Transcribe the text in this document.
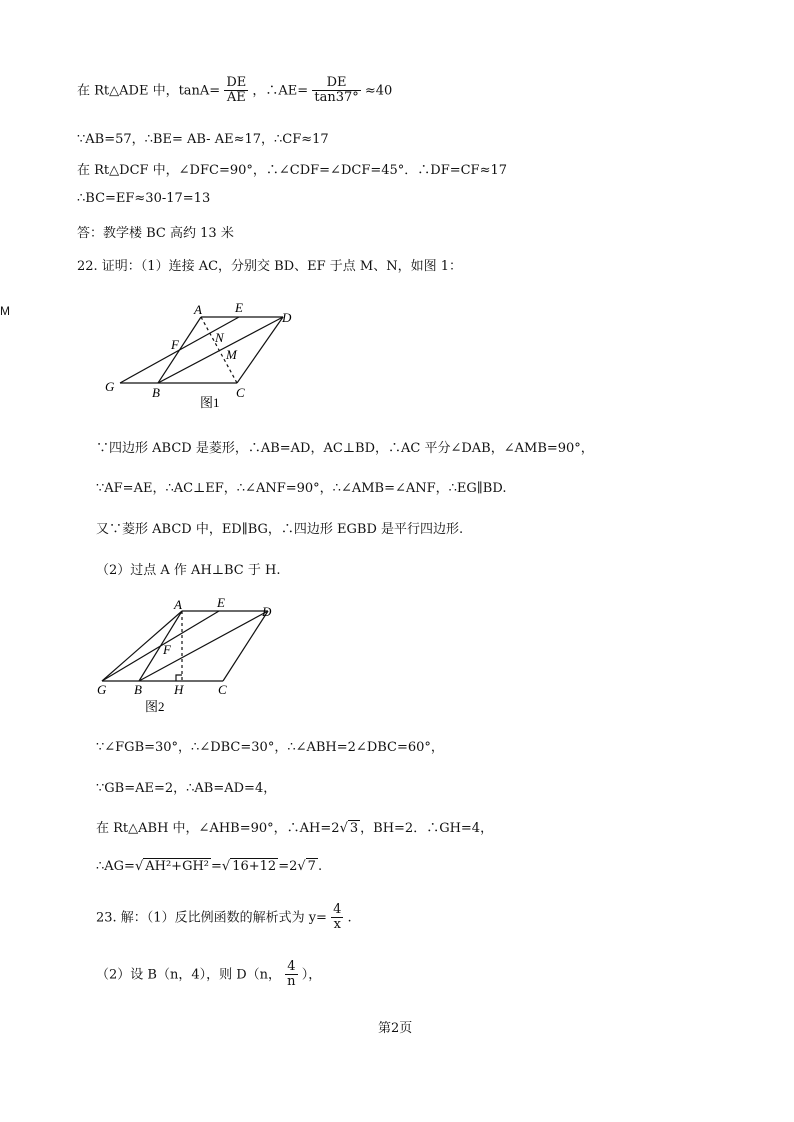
在 Rt△ADE 中，$\tan A= \frac{DE}{AE}$ ，∴AE= $\frac{DE}{\tan 37^\circ} \approx 40$
∵AB=57，∴BE= AB- AE≈17，∴CF≈17
在 Rt△DCF 中，∠DFC=90°，∴∠CDF=∠DCF=45°．∴DF=CF≈17
∴BC=EF≈30-17=13
答：教学楼 BC 高约 13 米
M
22. 证明：（1）连接 AC，分别交 BD、EF 于点 M、N，如图 1：
A	E
D
F	N
M
G	B	C
图1
∵四边形 ABCD 是菱形，∴AB=AD，AC⊥BD，∴AC 平分∠DAB，∠AMB=90°，
∵AF=AE，∴AC⊥EF，∴∠ANF=90°，∴∠AMB=∠ANF，∴EG∥BD.
又∵菱形 ABCD 中，ED∥BG，∴四边形 EGBD 是平行四边形.
（2）过点 A 作 AH⊥BC 于 H.
A	E
D
F
G B H	C
图2
∵∠FGB=30°，∴∠DBC=30°，∴∠ABH=2∠DBC=60°，
∵GB=AE=2，∴AB=AD=4，
在 Rt△ABH 中，∠AHB=90°，∴AH=2√ 3 ，BH=2．∴GH=4，
∴AG=√ AH²+GH² =√ 16+12 =2√ 7 .
23. 解：（1）反比例函数的解析式为 $y= \frac{4}{x}$ .
（2）设 B（n，4），则 D（n， $\frac{4}{n}$ ），
第2页
